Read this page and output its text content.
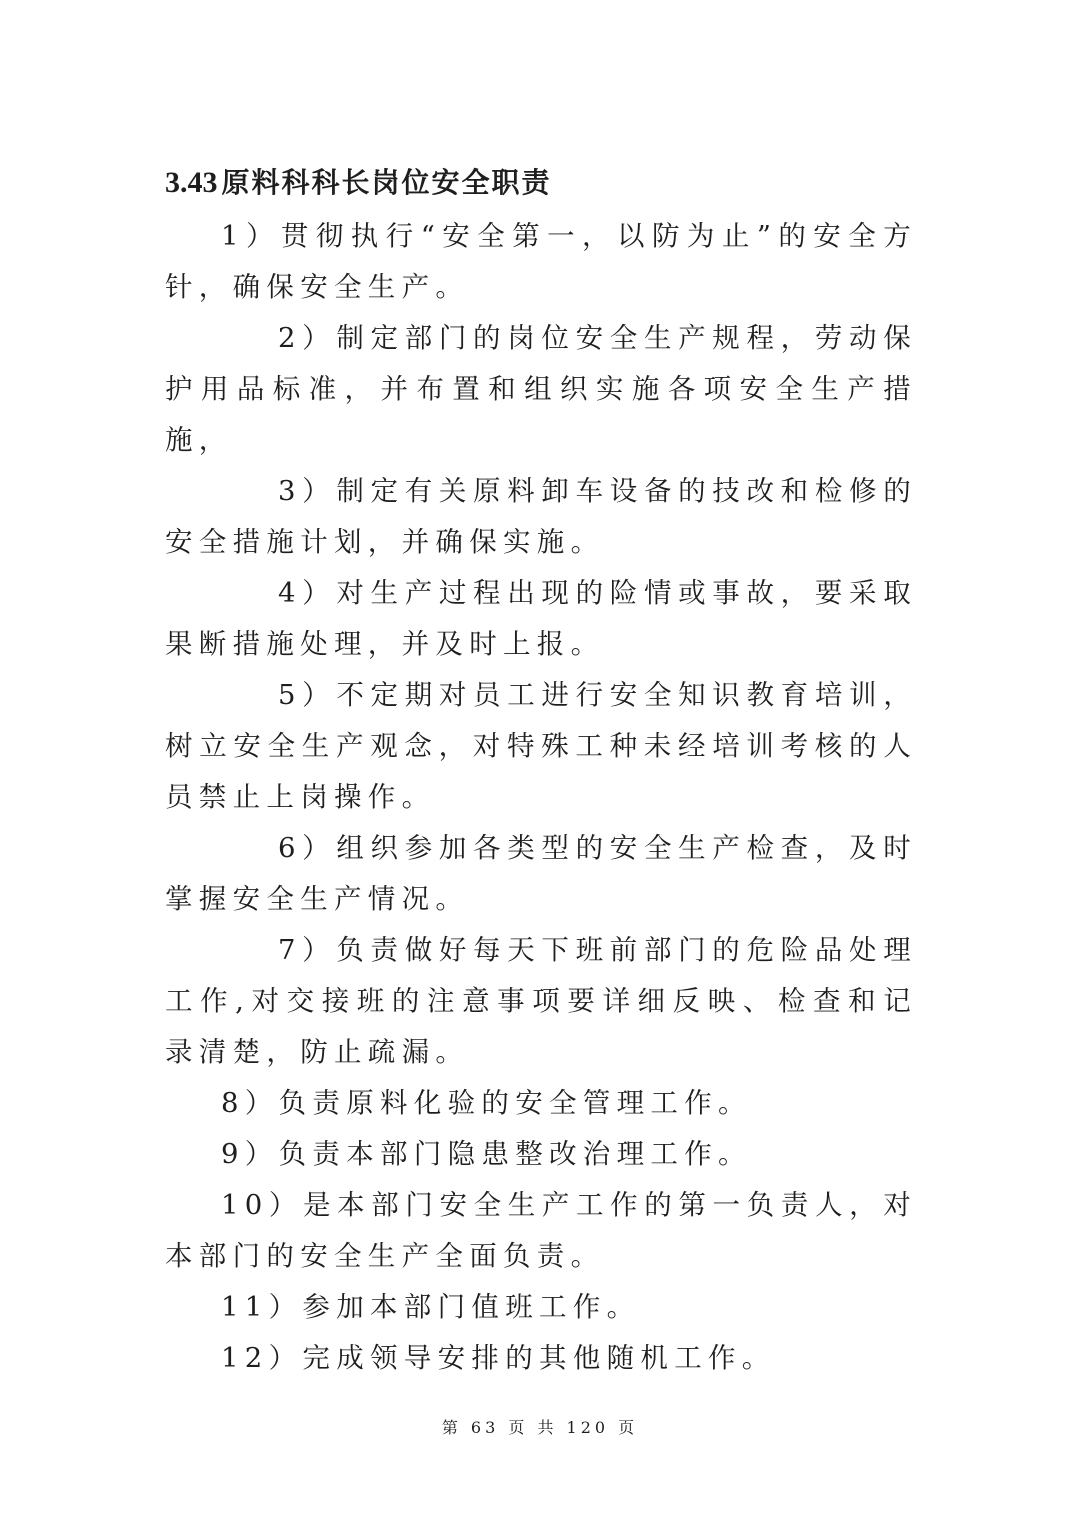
3.43 原料科科长岗位安全职责

1）贯彻执行“安全第一，以防为止”的安全方针，确保安全生产。

2）制定部门的岗位安全生产规程，劳动保护用品标准，并布置和组织实施各项安全生产措施，

3）制定有关原料卸车设备的技改和检修的安全措施计划，并确保实施。

4）对生产过程出现的险情或事故，要采取果断措施处理，并及时上报。

5）不定期对员工进行安全知识教育培训，树立安全生产观念，对特殊工种未经培训考核的人员禁止上岗操作。

6）组织参加各类型的安全生产检查，及时掌握安全生产情况。

7）负责做好每天下班前部门的危险品处理工作,对交接班的注意事项要详细反映、检查和记录清楚，防止疏漏。

8）负责原料化验的安全管理工作。

9）负责本部门隐患整改治理工作。

10）是本部门安全生产工作的第一负责人，对本部门的安全生产全面负责。

11）参加本部门值班工作。

12）完成领导安排的其他随机工作。

第 63 页 共 120 页
